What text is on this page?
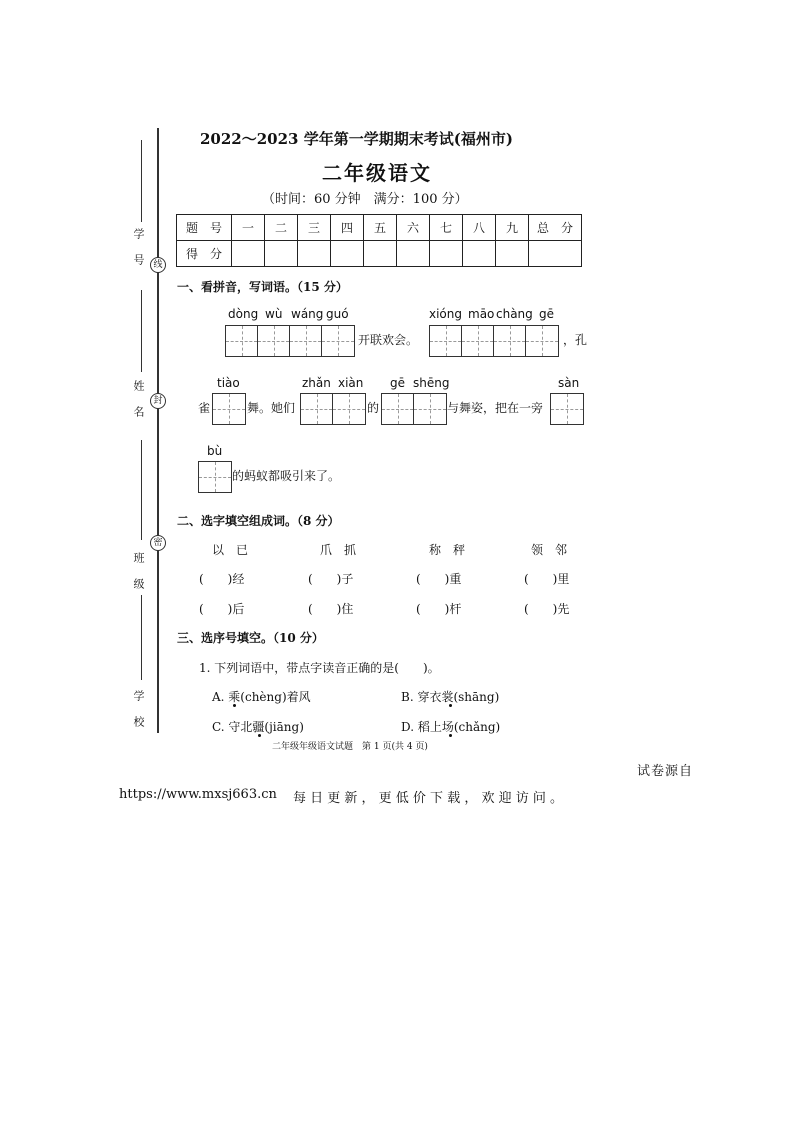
学　号
姓　名
班　级
学　校
线
封
密
2022～2023 学年第一学期期末考试(福州市)
二年级语文
（时间：60 分钟　满分：100 分）
题　号	一	二	三	四	五	六	七	八	九	总　分
得　分										
一、看拼音，写词语。（15 分）
dòng wù wáng guó
开联欢会。
xióng māo chàng gē
，孔
雀
tiào
舞。她们
zhǎn xiàn
的
gē shēng
与舞姿，把在一旁
sàn
bù
的蚂蚁都吸引来了。
二、选字填空组成词。（8 分）
以　已	爪　抓	称　秤	领　邻
(　　)经	(　　)子	(　　)重	(　　)里
(　　)后	(　　)住	(　　)杆	(　　)先
三、选序号填空。（10 分）
1. 下列词语中，带点字读音正确的是(　　)。
A. 乘(chèng)着风	B. 穿衣裳(shāng)
C. 守北疆(jiāng)	D. 稻上场(chǎng)
二年级年级语文试题　第 1 页(共 4 页)
试卷源自
https://www.mxsj663.cn 每 日 更 新 ， 更 低 价 下 载 ， 欢 迎 访 问 。
